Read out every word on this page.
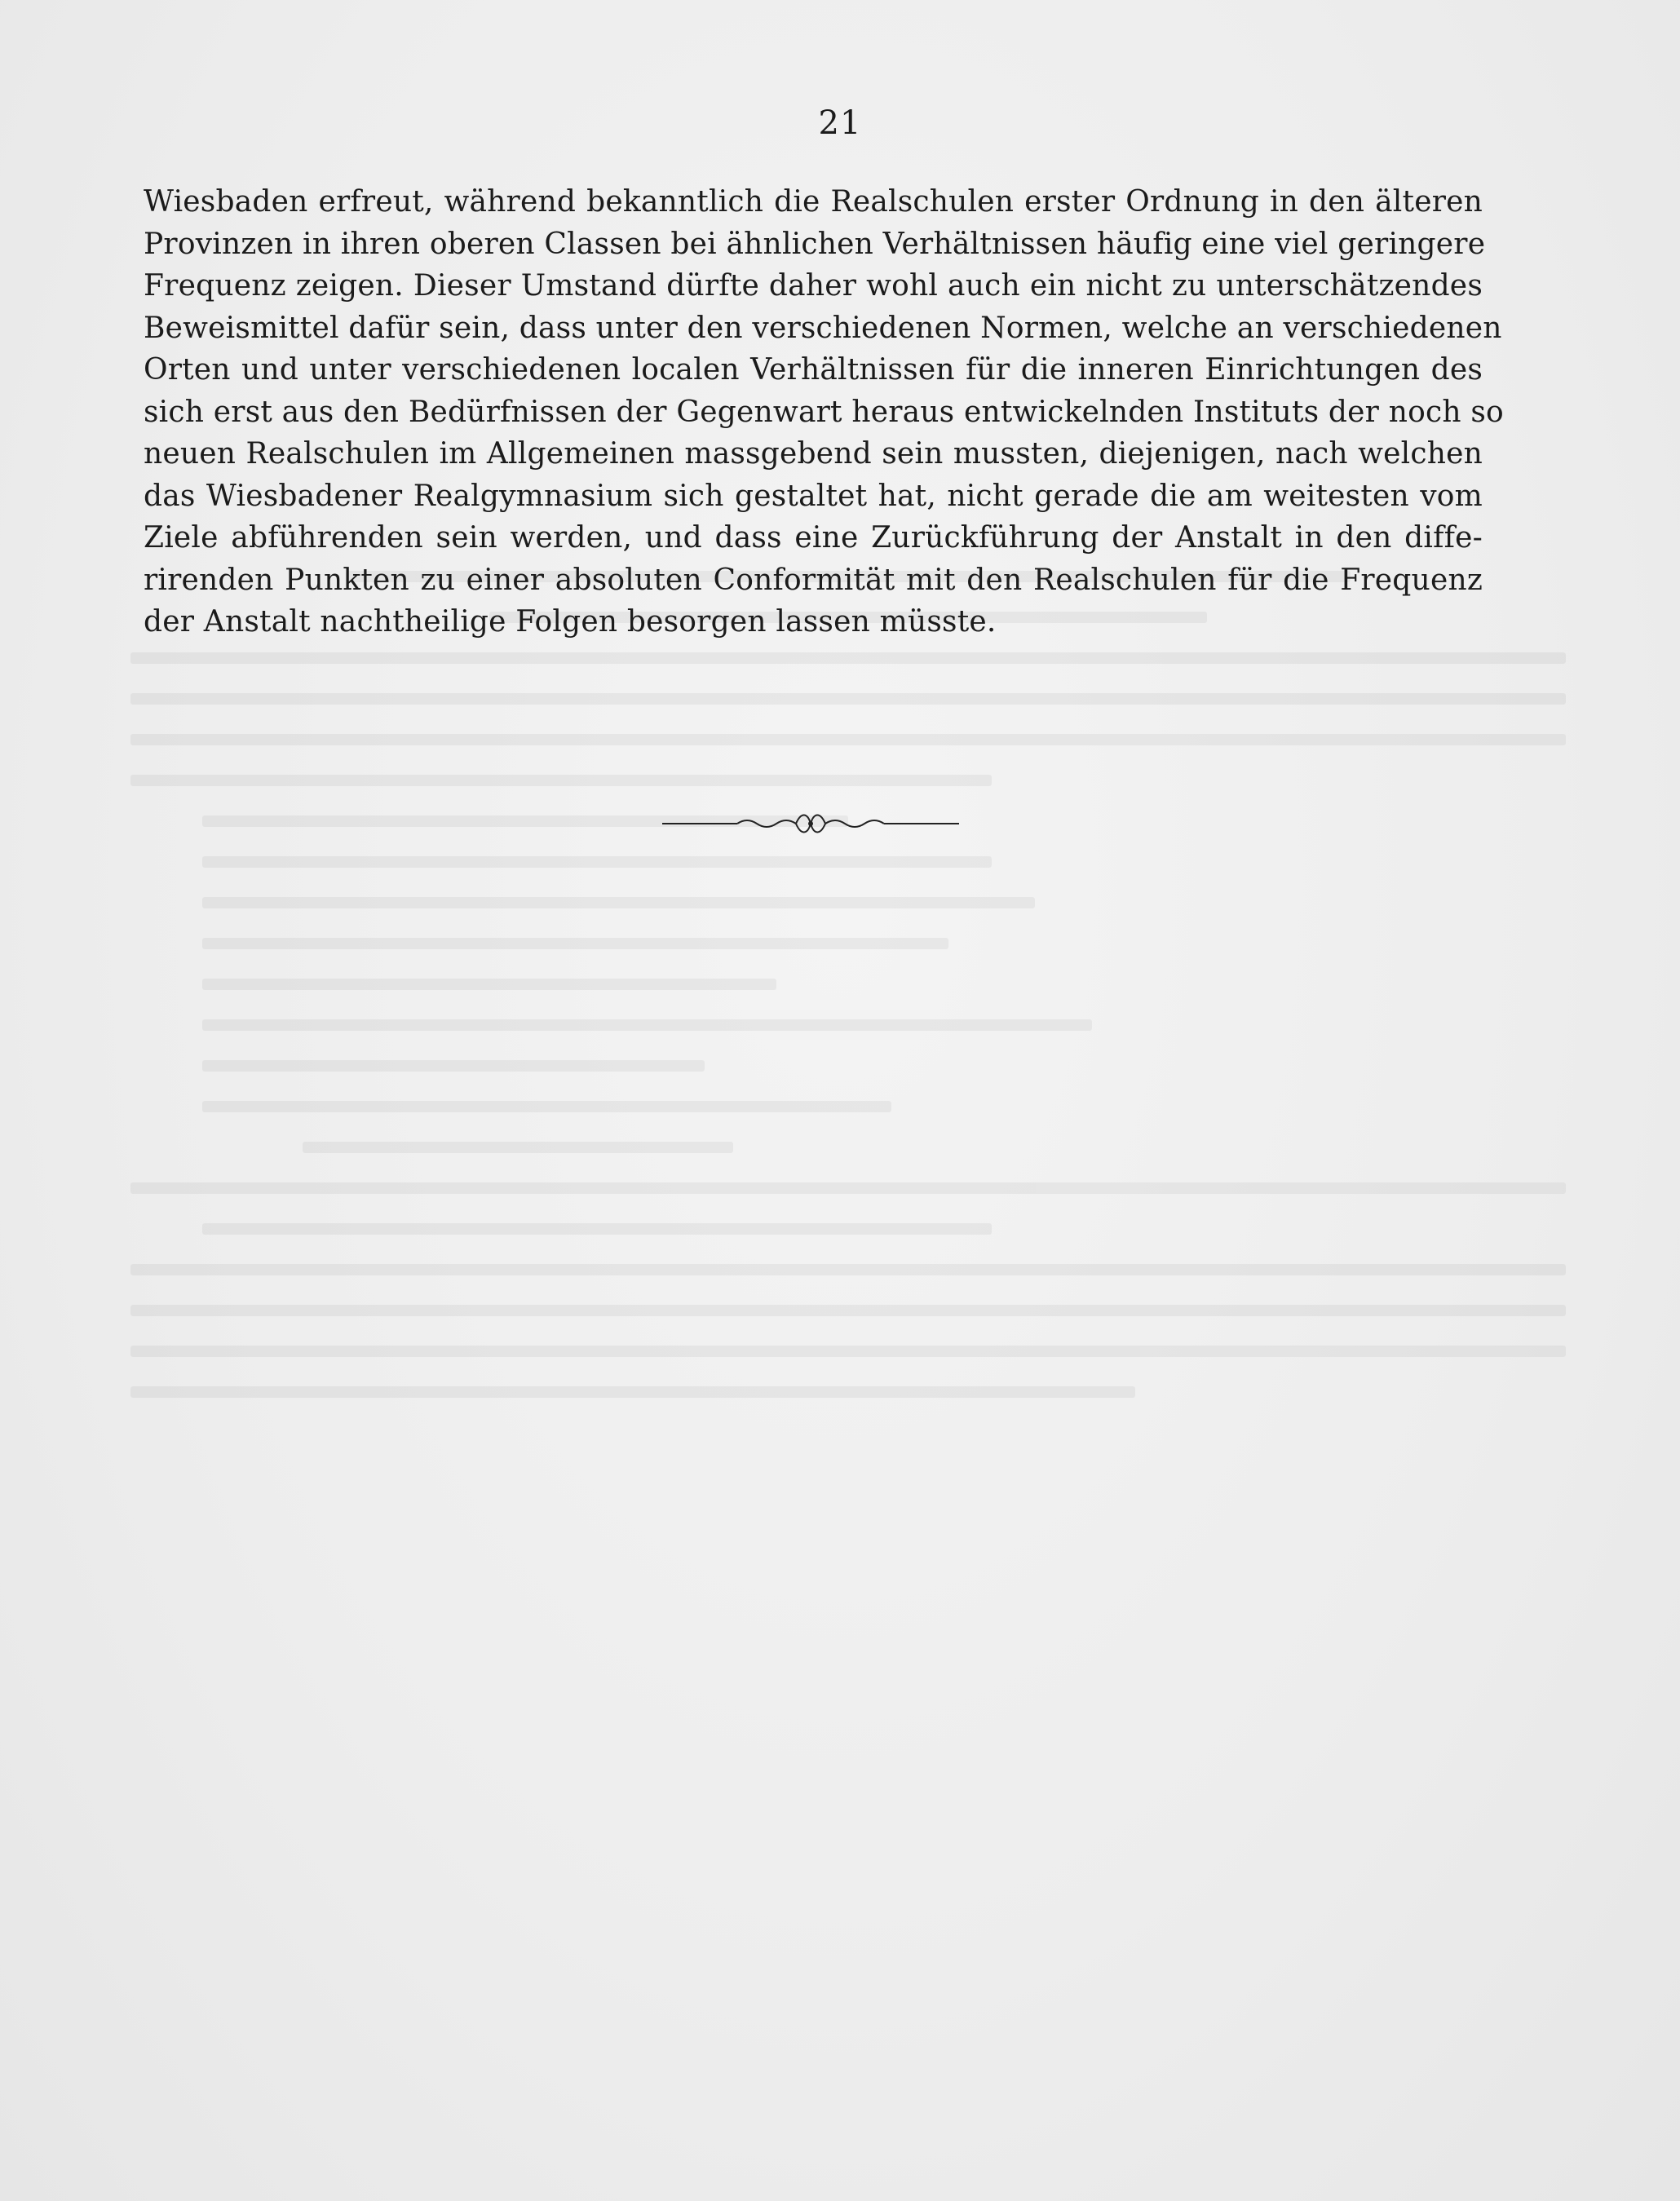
21
Wiesbaden erfreut, während bekanntlich die Realschulen erster Ordnung in den älteren
Provinzen in ihren oberen Classen bei ähnlichen Verhältnissen häufig eine viel geringere
Frequenz zeigen. Dieser Umstand dürfte daher wohl auch ein nicht zu unterschätzendes
Beweismittel dafür sein, dass unter den verschiedenen Normen, welche an verschiedenen
Orten und unter verschiedenen localen Verhältnissen für die inneren Einrichtungen des
sich erst aus den Bedürfnissen der Gegenwart heraus entwickelnden Instituts der noch so
neuen Realschulen im Allgemeinen massgebend sein mussten, diejenigen, nach welchen
das Wiesbadener Realgymnasium sich gestaltet hat, nicht gerade die am weitesten vom
Ziele abführenden sein werden, und dass eine Zurückführung der Anstalt in den diffe-
rirenden Punkten zu einer absoluten Conformität mit den Realschulen für die Frequenz
der Anstalt nachtheilige Folgen besorgen lassen müsste.
